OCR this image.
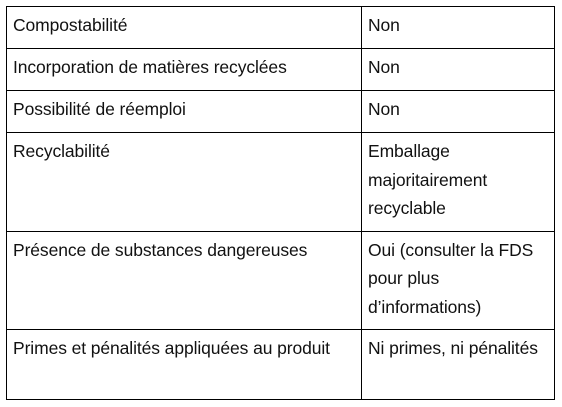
Compostabilité	Non
Incorporation de matières recyclées	Non
Possibilité de réemploi	Non
Recyclabilité	Emballage majoritairement recyclable
Présence de substances dangereuses	Oui (consulter la FDS pour plus d’informations)
Primes et pénalités appliquées au produit	Ni primes, ni pénalités
